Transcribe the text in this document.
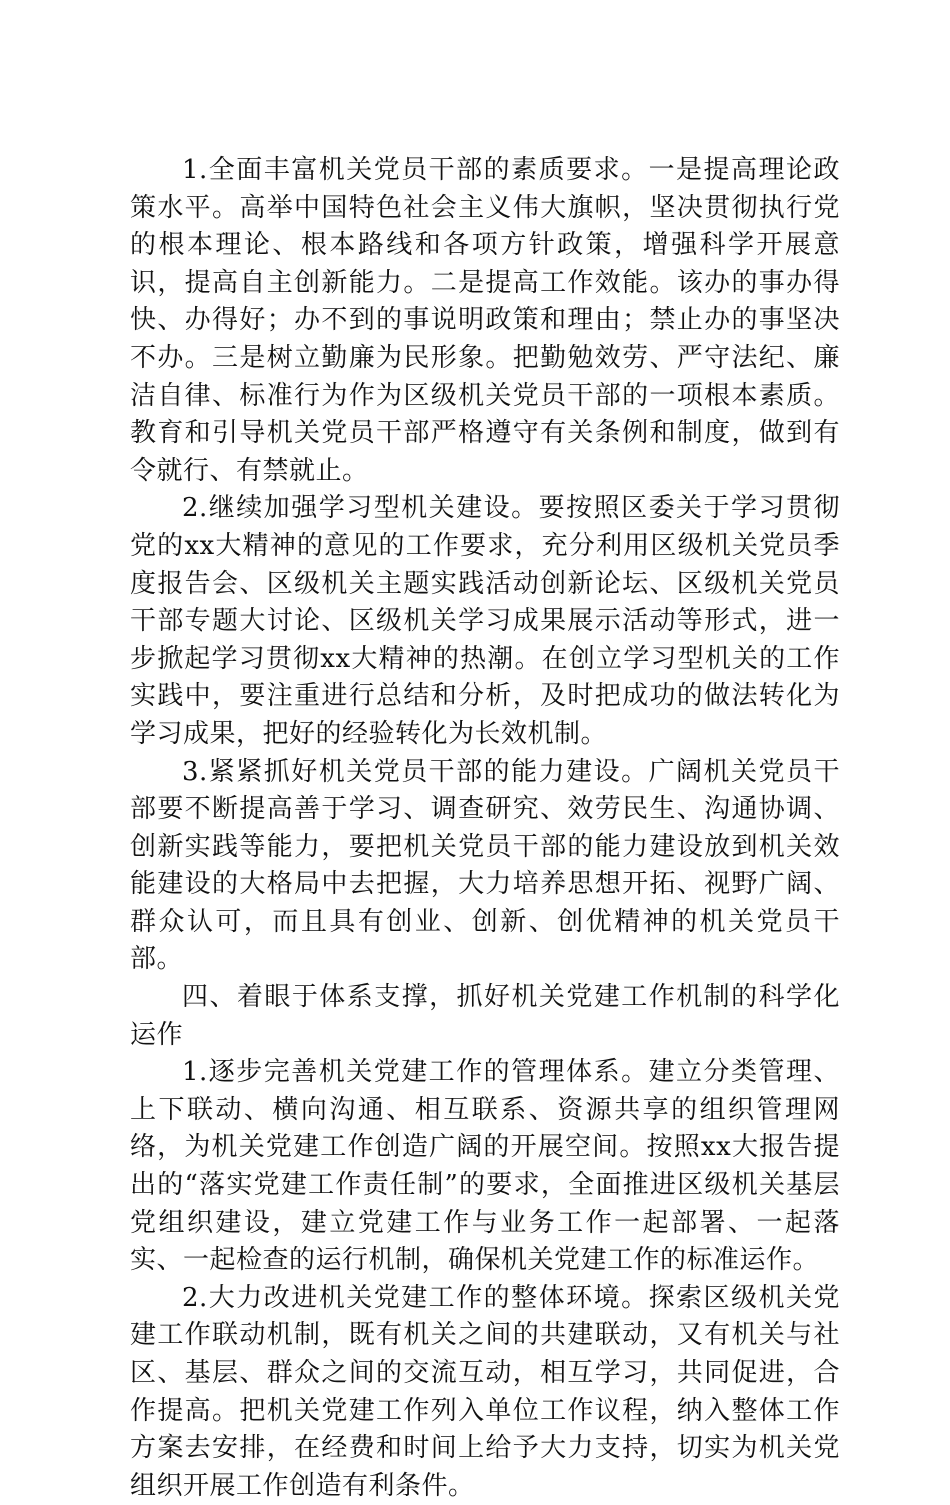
1.全面丰富机关党员干部的素质要求。一是提高理论政策水平。高举中国特色社会主义伟大旗帜，坚决贯彻执行党的根本理论、根本路线和各项方针政策，增强科学开展意识，提高自主创新能力。二是提高工作效能。该办的事办得快、办得好；办不到的事说明政策和理由；禁止办的事坚决不办。三是树立勤廉为民形象。把勤勉效劳、严守法纪、廉洁自律、标准行为作为区级机关党员干部的一项根本素质。教育和引导机关党员干部严格遵守有关条例和制度，做到有令就行、有禁就止。

2.继续加强学习型机关建设。要按照区委关于学习贯彻党的xx大精神的意见的工作要求，充分利用区级机关党员季度报告会、区级机关主题实践活动创新论坛、区级机关党员干部专题大讨论、区级机关学习成果展示活动等形式，进一步掀起学习贯彻xx大精神的热潮。在创立学习型机关的工作实践中，要注重进行总结和分析，及时把成功的做法转化为学习成果，把好的经验转化为长效机制。

3.紧紧抓好机关党员干部的能力建设。广阔机关党员干部要不断提高善于学习、调查研究、效劳民生、沟通协调、创新实践等能力，要把机关党员干部的能力建设放到机关效能建设的大格局中去把握，大力培养思想开拓、视野广阔、群众认可，而且具有创业、创新、创优精神的机关党员干部。

四、着眼于体系支撑，抓好机关党建工作机制的科学化运作

1.逐步完善机关党建工作的管理体系。建立分类管理、上下联动、横向沟通、相互联系、资源共享的组织管理网络，为机关党建工作创造广阔的开展空间。按照xx大报告提出的“落实党建工作责任制”的要求，全面推进区级机关基层党组织建设，建立党建工作与业务工作一起部署、一起落实、一起检查的运行机制，确保机关党建工作的标准运作。

2.大力改进机关党建工作的整体环境。探索区级机关党建工作联动机制，既有机关之间的共建联动，又有机关与社区、基层、群众之间的交流互动，相互学习，共同促进，合作提高。把机关党建工作列入单位工作议程，纳入整体工作方案去安排，在经费和时间上给予大力支持，切实为机关党组织开展工作创造有利条件。
